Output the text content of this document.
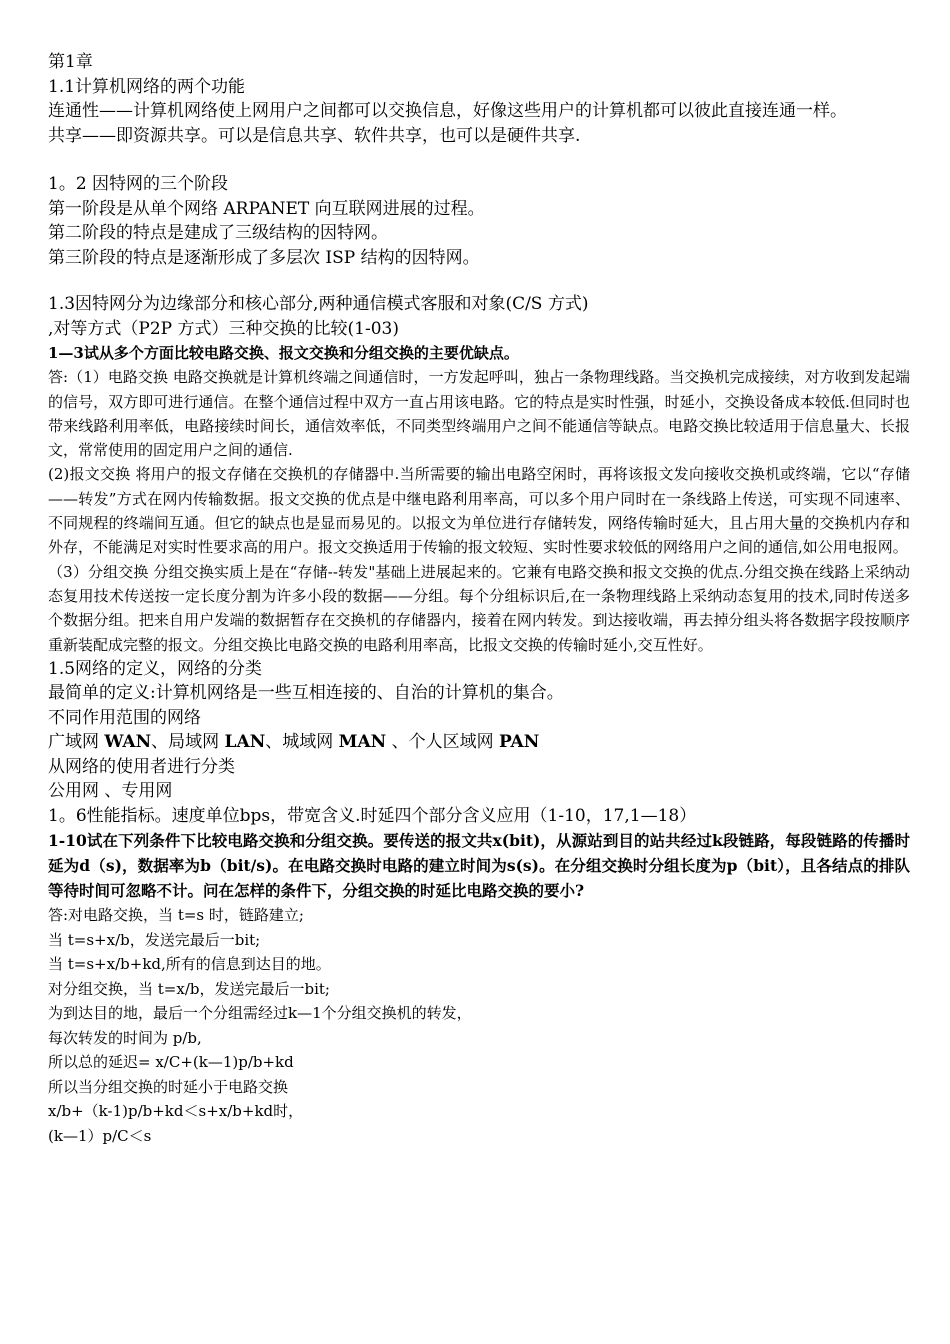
第1章
1.1计算机网络的两个功能
连通性——计算机网络使上网用户之间都可以交换信息，好像这些用户的计算机都可以彼此直接连通一样。
共享——即资源共享。可以是信息共享、软件共享，也可以是硬件共享.
1。2 因特网的三个阶段
第一阶段是从单个网络 ARPANET 向互联网进展的过程。
第二阶段的特点是建成了三级结构的因特网。
第三阶段的特点是逐渐形成了多层次 ISP 结构的因特网。
1.3因特网分为边缘部分和核心部分,两种通信模式客服和对象(C/S 方式)
,对等方式（P2P 方式）三种交换的比较(1-03)
1—3试从多个方面比较电路交换、报文交换和分组交换的主要优缺点。
答:（1）电路交换 电路交换就是计算机终端之间通信时，一方发起呼叫，独占一条物理线路。当交换机完成接续，对方收到发起端的信号，双方即可进行通信。在整个通信过程中双方一直占用该电路。它的特点是实时性强，时延小，交换设备成本较低.但同时也带来线路利用率低，电路接续时间长，通信效率低，不同类型终端用户之间不能通信等缺点。电路交换比较适用于信息量大、长报文，常常使用的固定用户之间的通信.
(2)报文交换 将用户的报文存储在交换机的存储器中.当所需要的输出电路空闲时，再将该报文发向接收交换机或终端，它以“存储——转发”方式在网内传输数据。报文交换的优点是中继电路利用率高，可以多个用户同时在一条线路上传送，可实现不同速率、不同规程的终端间互通。但它的缺点也是显而易见的。以报文为单位进行存储转发，网络传输时延大，且占用大量的交换机内存和外存，不能满足对实时性要求高的用户。报文交换适用于传输的报文较短、实时性要求较低的网络用户之间的通信,如公用电报网。
（3）分组交换 分组交换实质上是在“存储--转发"基础上进展起来的。它兼有电路交换和报文交换的优点.分组交换在线路上采纳动态复用技术传送按一定长度分割为许多小段的数据——分组。每个分组标识后,在一条物理线路上采纳动态复用的技术,同时传送多个数据分组。把来自用户发端的数据暂存在交换机的存储器内，接着在网内转发。到达接收端，再去掉分组头将各数据字段按顺序重新装配成完整的报文。分组交换比电路交换的电路利用率高，比报文交换的传输时延小,交互性好。
1.5网络的定义，网络的分类
最简单的定义:计算机网络是一些互相连接的、自治的计算机的集合。
不同作用范围的网络
广域网 WAN、局域网 LAN、城域网 MAN 、个人区域网 PAN
从网络的使用者进行分类
公用网 、专用网
1。6性能指标。速度单位bps，带宽含义.时延四个部分含义应用（1-10，17,1—18）
1-10试在下列条件下比较电路交换和分组交换。要传送的报文共x(bit)，从源站到目的站共经过k段链路，每段链路的传播时延为d（s)，数据率为b（bit/s)。在电路交换时电路的建立时间为s(s)。在分组交换时分组长度为p（bit），且各结点的排队等待时间可忽略不计。问在怎样的条件下，分组交换的时延比电路交换的要小?
答:对电路交换，当 t=s 时，链路建立;
当 t=s+x/b，发送完最后一bit;
当 t=s+x/b+kd,所有的信息到达目的地。
对分组交换，当 t=x/b，发送完最后一bit;
为到达目的地，最后一个分组需经过k—1个分组交换机的转发，
每次转发的时间为 p/b,
所以总的延迟= x/C+(k—1)p/b+kd
所以当分组交换的时延小于电路交换
x/b+（k-1)p/b+kd＜s+x/b+kd时，
(k—1）p/C＜s
